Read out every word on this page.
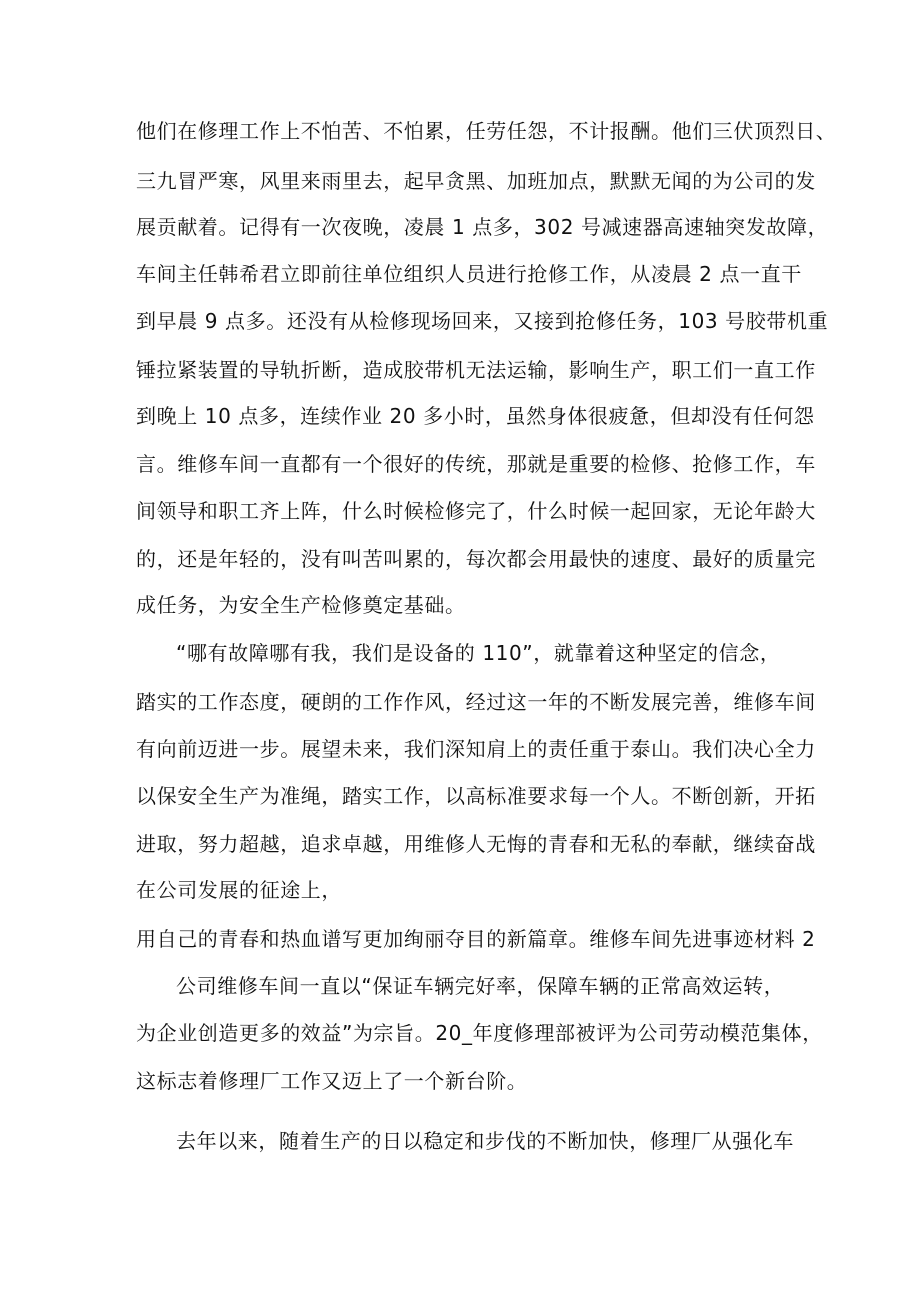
他们在修理工作上不怕苦、不怕累，任劳任怨，不计报酬。他们三伏顶烈日、
三九冒严寒，风里来雨里去，起早贪黑、加班加点，默默无闻的为公司的发
展贡献着。记得有一次夜晚，凌晨 1 点多，302 号减速器高速轴突发故障，
车间主任韩希君立即前往单位组织人员进行抢修工作，从凌晨 2 点一直干
到早晨 9 点多。还没有从检修现场回来，又接到抢修任务，103 号胶带机重
锤拉紧装置的导轨折断，造成胶带机无法运输，影响生产，职工们一直工作
到晚上 10 点多，连续作业 20 多小时，虽然身体很疲惫，但却没有任何怨
言。维修车间一直都有一个很好的传统，那就是重要的检修、抢修工作，车
间领导和职工齐上阵，什么时候检修完了，什么时候一起回家，无论年龄大
的，还是年轻的，没有叫苦叫累的，每次都会用最快的速度、最好的质量完
成任务，为安全生产检修奠定基础。
“哪有故障哪有我，我们是设备的 110”，就靠着这种坚定的信念，
踏实的工作态度，硬朗的工作作风，经过这一年的不断发展完善，维修车间
有向前迈进一步。展望未来，我们深知肩上的责任重于泰山。我们决心全力
以保安全生产为准绳，踏实工作，以高标准要求每一个人。不断创新，开拓
进取，努力超越，追求卓越，用维修人无悔的青春和无私的奉献，继续奋战
在公司发展的征途上，
用自己的青春和热血谱写更加绚丽夺目的新篇章。维修车间先进事迹材料 2
公司维修车间一直以“保证车辆完好率，保障车辆的正常高效运转，
为企业创造更多的效益”为宗旨。20_年度修理部被评为公司劳动模范集体，
这标志着修理厂工作又迈上了一个新台阶。
去年以来，随着生产的日以稳定和步伐的不断加快，修理厂从强化车
